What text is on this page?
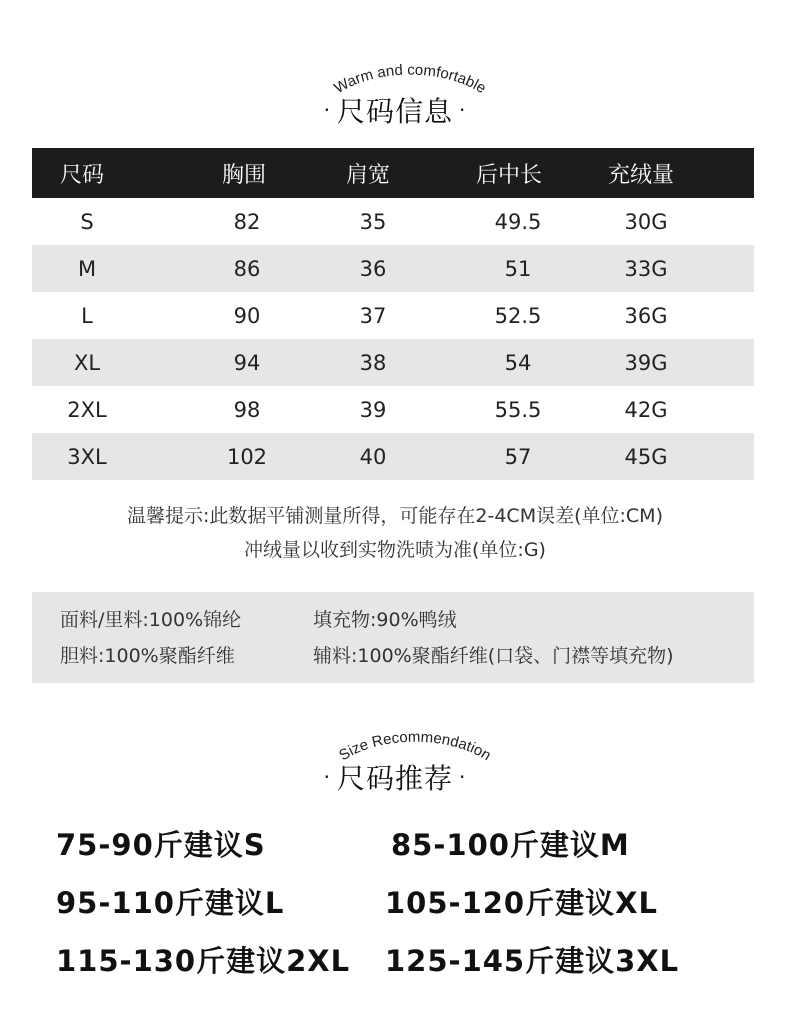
Warm and comfortable
· 尺码信息 ·
尺码	胸围	肩宽	后中长	充绒量
S	82	35	49.5	30G
M	86	36	51	33G
L	90	37	52.5	36G
XL	94	38	54	39G
2XL	98	39	55.5	42G
3XL	102	40	57	45G
温馨提示:此数据平铺测量所得，可能存在2-4CM误差(单位:CM)
冲绒量以收到实物洗啧为准(单位:G)
面料/里料:100%锦纶	填充物:90%鸭绒
胆料:100%聚酯纤维	辅料:100%聚酯纤维(口袋、门襟等填充物)
Size Recommendation
· 尺码推荐 ·
75-90斤建议S	85-100斤建议M
95-110斤建议L	105-120斤建议XL
115-130斤建议2XL 125-145斤建议3XL
